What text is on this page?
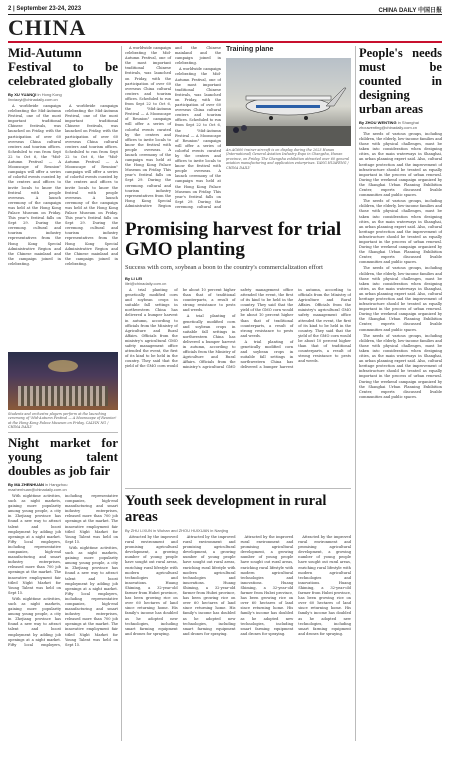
2 | September 23-24, 2023	CHINA DAILY 中国日报
CHINA
Mid-Autumn Festival to be celebrated globally
By XU YUANQI in Hong Kong
linxiaoyi@chinadaily.com.cn

A worldwide campaign celebrating the Mid-Autumn Festival, one of the most important traditional Chinese festivals, was launched on Friday, with the participation of over 60 overseas China cultural centers and tourism offices. Scheduled to run from Sept 22 to Oct 6, the "Mid-Autumn Festival — A Moonscape of Reunion" campaign will offer a series of colorful events curated by the centers and offices to invite locals to know the festival with people overseas. A launch ceremony of the campaign was held at the Hong Kong Palace Museum on Friday. This year's festival falls on Sept 29. During the ceremony, cultural and tourism industry representatives from the Hong Kong Special Administrative Region and the Chinese mainland and the campaign joined in celebrating.

A worldwide campaign celebrating the Mid-Autumn Festival, one of the most important traditional Chinese festivals, was launched on Friday, with the participation of over 60 overseas China cultural centers and tourism offices. Scheduled to run from Sept 22 to Oct 6, the "Mid-Autumn Festival — A Moonscape of Reunion" campaign will offer a series of colorful events curated by the centers and offices to invite locals to know the festival with people overseas. A launch ceremony of the campaign was held at the Hong Kong Palace Museum on Friday. This year's festival falls on Sept 29. During the ceremony, cultural and tourism industry representatives from the Hong Kong Special Administrative Region and the Chinese mainland and the campaign joined in celebrating.

Students and orchestra players perform at the launching ceremony of 'Mid-Autumn Festival — A Moonscape of Reunion' at the Hong Kong Palace Museum on Friday. CALVIN NG / CHINA DAILY
Night market for young talent doubles as job fair
By MA ZHENHUAN in Hangzhou
mazhenhuan@chinadaily.com.cn

With nighttime activities, such as night markets, gaining more popularity among young people, a city in Zhejiang province has found a new way to attract talent and boost employment by adding job openings at a night market. Fifty local employers, including representative companies, high-end manufacturing and smart industry enterprises, released more than 700 job openings at the market. The innovative employment fair titled Night Market for Young Talent was held on Sept 15.

With nighttime activities, such as night markets, gaining more popularity among young people, a city in Zhejiang province has found a new way to attract talent and boost employment by adding job openings at a night market. Fifty local employers, including representative companies, high-end manufacturing and smart industry enterprises, released more than 700 job openings at the market. The innovative employment fair titled Night Market for Young Talent was held on Sept 15.

With nighttime activities, such as night markets, gaining more popularity among young people, a city in Zhejiang province has found a new way to attract talent and boost employment by adding job openings at a night market. Fifty local employers, including representative companies, high-end manufacturing and smart industry enterprises, released more than 700 job openings at the market. The innovative employment fair titled Night Market for Young Talent was held on Sept 15.

A worldwide campaign celebrating the Mid-Autumn Festival, one of the most important traditional Chinese festivals, was launched on Friday, with the participation of over 60 overseas China cultural centers and tourism offices. Scheduled to run from Sept 22 to Oct 6, the "Mid-Autumn Festival — A Moonscape of Reunion" campaign will offer a series of colorful events curated by the centers and offices to invite locals to know the festival with people overseas. A launch ceremony of the campaign was held at the Hong Kong Palace Museum on Friday. This year's festival falls on Sept 29. During the ceremony, cultural and tourism industry representatives from the Hong Kong Special Administrative Region and the Chinese mainland and the campaign joined in celebrating.

A worldwide campaign celebrating the Mid-Autumn Festival, one of the most important traditional Chinese festivals, was launched on Friday, with the participation of over 60 overseas China cultural centers and tourism offices. Scheduled to run from Sept 22 to Oct 6, the "Mid-Autumn Festival — A Moonscape of Reunion" campaign will offer a series of colorful events curated by the centers and offices to invite locals to know the festival with people overseas. A launch ceremony of the campaign was held at the Hong Kong Palace Museum on Friday. This year's festival falls on Sept 29. During the ceremony, cultural and

Training plane
An AG600 trainer aircraft is on display during the 2023 Hunan (International) General Aviation Industry Expo in Changsha, Hunan province, on Friday. The Changsha exhibition attracted over 60 general aviation manufacturing and application enterprises. YANG HUAFENG / CHINA DAILY
Promising harvest for trial GMO planting
Success with corn, soybean a boon to the country's commercialization effort
By LI LEI
lilei@chinadaily.com.cn

A trial planting of genetically modified corn and soybean crops in suitable fall settings in northwestern China has delivered a bumper harvest in autumn, according to officials from the Ministry of Agriculture and Rural Affairs. Officials from the ministry's agricultural GMO safety management office attended the event, the first of its kind to be held in the country. They said that the yield of the GMO corn would be about 10 percent higher than that of traditional counterparts, a result of strong resistance to pests and weeds.

A trial planting of genetically modified corn and soybean crops in suitable fall settings in northwestern China has delivered a bumper harvest in autumn, according to officials from the Ministry of Agriculture and Rural Affairs. Officials from the ministry's agricultural GMO safety management office attended the event, the first of its kind to be held in the country. They said that the yield of the GMO corn would be about 10 percent higher than that of traditional counterparts, a result of strong resistance to pests and weeds.

A trial planting of genetically modified corn and soybean crops in suitable fall settings in northwestern China has delivered a bumper harvest in autumn, according to officials from the Ministry of Agriculture and Rural Affairs. Officials from the ministry's agricultural GMO safety management office attended the event, the first of its kind to be held in the country. They said that the yield of the GMO corn would be about 10 percent higher than that of traditional counterparts, a result of strong resistance to pests and weeds.

Youth seek development in rural areas
By ZHU LIXUN in Wuhan and ZHOU HUIXUAN in Nanjing

Attracted by the improved rural environment and promising agricultural development, a growing number of young people have sought out rural areas, enriching rural lifestyle with modern agricultural technologies and innovations. Huang Shiming, a 32-year-old farmer from Hubei province, has been growing rice on over 60 hectares of land since returning home. His family's income has doubled as he adopted new technologies, including smart farming equipment and drones for spraying.

Attracted by the improved rural environment and promising agricultural development, a growing number of young people have sought out rural areas, enriching rural lifestyle with modern agricultural technologies and innovations. Huang Shiming, a 32-year-old farmer from Hubei province, has been growing rice on over 60 hectares of land since returning home. His family's income has doubled as he adopted new technologies, including smart farming equipment and drones for spraying.

Attracted by the improved rural environment and promising agricultural development, a growing number of young people have sought out rural areas, enriching rural lifestyle with modern agricultural technologies and innovations. Huang Shiming, a 32-year-old farmer from Hubei province, has been growing rice on over 60 hectares of land since returning home. His family's income has doubled as he adopted new technologies, including smart farming equipment and drones for spraying.

Attracted by the improved rural environment and promising agricultural development, a growing number of young people have sought out rural areas, enriching rural lifestyle with modern agricultural technologies and innovations. Huang Shiming, a 32-year-old farmer from Hubei province, has been growing rice on over 60 hectares of land since returning home. His family's income has doubled as he adopted new technologies, including smart farming equipment and drones for spraying.

People's needs must be counted in designing urban areas
By ZHOU WENTING in Shanghai
zhouwenting@chinadaily.com.cn

The needs of various groups, including children, the elderly, low-income families and those with physical challenges, must be taken into consideration when designing cities, as the main waterways in Shanghai, an urban planning expert said. Also, cultural heritage protection and the improvement of infrastructure should be treated as equally important in the process of urban renewal. During the weekend campaign organized by the Shanghai Urban Planning Exhibition Center, experts discussed livable communities and public spaces.

The needs of various groups, including children, the elderly, low-income families and those with physical challenges, must be taken into consideration when designing cities, as the main waterways in Shanghai, an urban planning expert said. Also, cultural heritage protection and the improvement of infrastructure should be treated as equally important in the process of urban renewal. During the weekend campaign organized by the Shanghai Urban Planning Exhibition Center, experts discussed livable communities and public spaces.

The needs of various groups, including children, the elderly, low-income families and those with physical challenges, must be taken into consideration when designing cities, as the main waterways in Shanghai, an urban planning expert said. Also, cultural heritage protection and the improvement of infrastructure should be treated as equally important in the process of urban renewal. During the weekend campaign organized by the Shanghai Urban Planning Exhibition Center, experts discussed livable communities and public spaces.

The needs of various groups, including children, the elderly, low-income families and those with physical challenges, must be taken into consideration when designing cities, as the main waterways in Shanghai, an urban planning expert said. Also, cultural heritage protection and the improvement of infrastructure should be treated as equally important in the process of urban renewal. During the weekend campaign organized by the Shanghai Urban Planning Exhibition Center, experts discussed livable communities and public spaces.
